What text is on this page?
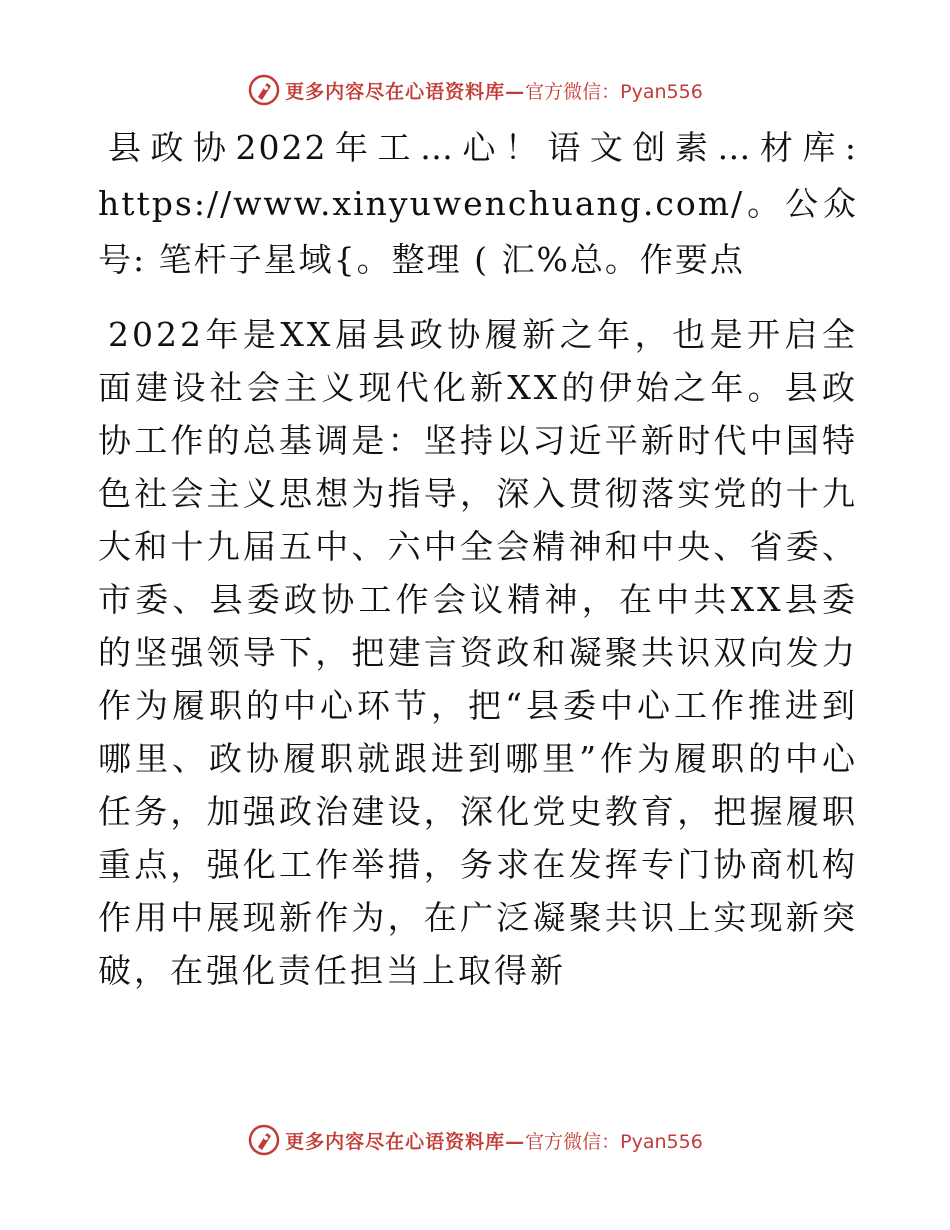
更多内容尽在心语资料库— 官方微信：Pyan556

县政协2022年工…心！语文创素…材库: https://www.xinyuwenchuang.com/。公众号: 笔杆子星域{。整理 ( 汇%总。作要点

2022年是XX届县政协履新之年，也是开启全面建设社会主义现代化新XX的伊始之年。县政协工作的总基调是：坚持以习近平新时代中国特色社会主义思想为指导，深入贯彻落实党的十九大和十九届五中、六中全会精神和中央、省委、市委、县委政协工作会议精神，在中共XX县委的坚强领导下，把建言资政和凝聚共识双向发力作为履职的中心环节，把“县委中心工作推进到哪里、政协履职就跟进到哪里”作为履职的中心任务，加强政治建设，深化党史教育，把握履职重点，强化工作举措，务求在发挥专门协商机构作用中展现新作为，在广泛凝聚共识上实现新突破，在强化责任担当上取得新

更多内容尽在心语资料库— 官方微信：Pyan556
